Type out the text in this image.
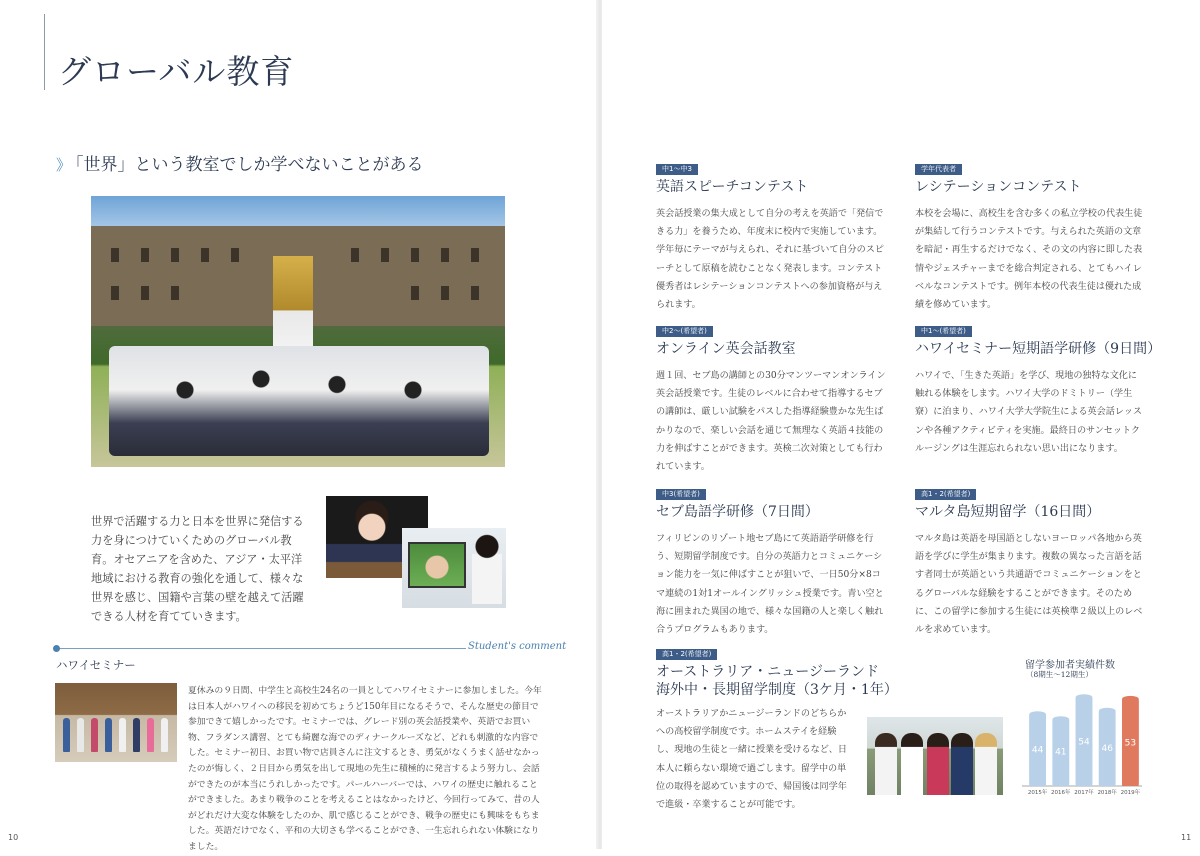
グローバル教育
》 「世界」という教室でしか学べないことがある
世界で活躍する力と日本を世界に発信する力を身につけていくためのグローバル教育。オセアニアを含めた、アジア・太平洋地域における教育の強化を通して、様々な世界を感じ、国籍や言葉の壁を越えて活躍できる人材を育てていきます。
Student's comment
ハワイセミナー
夏休みの９日間、中学生と高校生24名の一員としてハワイセミナーに参加しました。今年は日本人がハワイへの移民を初めてちょうど150年目になるそうで、そんな歴史の節目で参加できて嬉しかったです。セミナーでは、グレード別の英会話授業や、英語でお買い物、フラダンス講習、とても綺麗な海でのディナークルーズなど、どれも刺激的な内容でした。セミナー初日、お買い物で店員さんに注文するとき、勇気がなくうまく話せなかったのが悔しく、２日目から勇気を出して現地の先生に積極的に発言するよう努力し、会話ができたのが本当にうれしかったです。パールハーバーでは、ハワイの歴史に触れることができました。あまり戦争のことを考えることはなかったけど、今回行ってみて、昔の人がどれだけ大変な体験をしたのか、肌で感じることができ、戦争の歴史にも興味をもちました。英語だけでなく、平和の大切さも学べることができ、一生忘れられない体験になりました。
10
中1〜中3
英語スピーチコンテスト
英会話授業の集大成として自分の考えを英語で「発信できる力」を養うため、年度末に校内で実施しています。学年毎にテーマが与えられ、それに基づいて自分のスピーチとして原稿を読むことなく発表します。コンテスト優秀者はレシテーションコンテストへの参加資格が与えられます。
学年代表者
レシテーションコンテスト
本校を会場に、高校生を含む多くの私立学校の代表生徒が集結して行うコンテストです。与えられた英語の文章を暗記・再生するだけでなく、その文の内容に即した表情やジェスチャーまでを総合判定される、とてもハイレベルなコンテストです。例年本校の代表生徒は優れた成績を修めています。
中2〜(希望者)
オンライン英会話教室
週１回、セブ島の講師との30分マンツーマンオンライン英会話授業です。生徒のレベルに合わせて指導するセブの講師は、厳しい試験をパスした指導経験豊かな先生ばかりなので、楽しい会話を通じて無理なく英語４技能の力を伸ばすことができます。英検二次対策としても行われています。
中1〜(希望者)
ハワイセミナー短期語学研修（9日間）
ハワイで、「生きた英語」を学び、現地の独特な文化に触れる体験をします。ハワイ大学のドミトリー（学生寮）に泊まり、ハワイ大学大学院生による英会話レッスンや各種アクティビティを実施。最終日のサンセットクルージングは生涯忘れられない思い出になります。
中3(希望者)
セブ島語学研修（7日間）
フィリピンのリゾート地セブ島にて英語語学研修を行う、短期留学制度です。自分の英語力とコミュニケーション能力を一気に伸ばすことが狙いで、一日50分×8コマ連続の1対1オールイングリッシュ授業です。青い空と海に囲まれた異国の地で、様々な国籍の人と楽しく触れ合うプログラムもあります。
高1・2(希望者)
マルタ島短期留学（16日間）
マルタ島は英語を母国語としないヨーロッパ各地から英語を学びに学生が集まります。複数の異なった言語を話す者同士が英語という共通語でコミュニケーションをとるグローバルな経験をすることができます。そのために、この留学に参加する生徒には英検準２級以上のレベルを求めています。
高1・2(希望者)
オーストラリア・ニュージーランド
海外中・長期留学制度（3ケ月・1年）
オーストラリアかニュージーランドのどちらかへの高校留学制度です。ホームステイを経験し、現地の生徒と一緒に授業を受けるなど、日本人に頼らない環境で過ごします。留学中の単位の取得を認めていますので、帰国後は同学年で進級・卒業することが可能です。
留学参加者実績件数
（8期生〜12期生）
44
2015年
41
2016年
54
2017年
46
2018年
53
2019年
11
